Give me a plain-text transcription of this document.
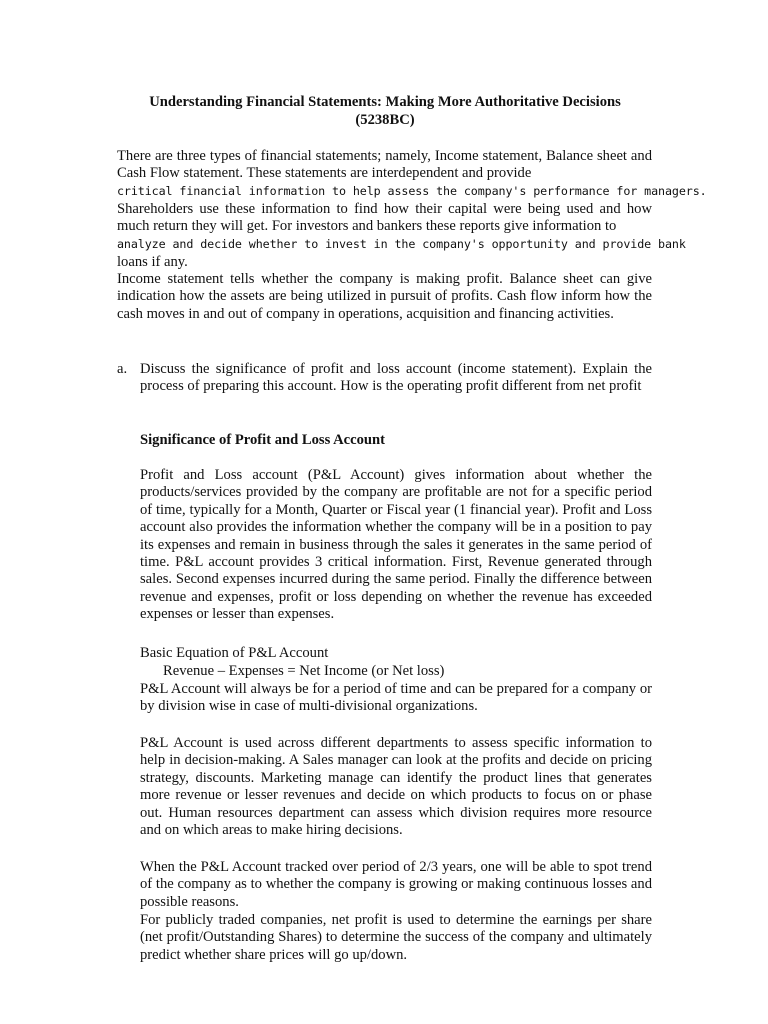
Understanding Financial Statements: Making More Authoritative Decisions
(5238BC)
There are three types of financial statements; namely, Income statement, Balance sheet and Cash Flow statement. These statements are interdependent and provide
critical financial information to help assess the company's performance for managers.
Shareholders use these information to find how their capital were being used and how much return they will get. For investors and bankers these reports give information to
analyze and decide whether to invest in the company's opportunity and provide bank
loans if any.
Income statement tells whether the company is making profit. Balance sheet can give indication how the assets are being utilized in pursuit of profits. Cash flow inform how the cash moves in and out of company in operations, acquisition and financing activities.
a. Discuss the significance of profit and loss account (income statement). Explain the process of preparing this account. How is the operating profit different from net profit
Significance of Profit and Loss Account
Profit and Loss account (P&L Account) gives information about whether the products/services provided by the company are profitable are not for a specific period of time, typically for a Month, Quarter or Fiscal year (1 financial year). Profit and Loss account also provides the information whether the company will be in a position to pay its expenses and remain in business through the sales it generates in the same period of time. P&L account provides 3 critical information. First, Revenue generated through sales. Second expenses incurred during the same period. Finally the difference between revenue and expenses, profit or loss depending on whether the revenue has exceeded expenses or lesser than expenses.
Basic Equation of P&L Account
Revenue – Expenses = Net Income (or Net loss)
P&L Account will always be for a period of time and can be prepared for a company or by division wise in case of multi-divisional organizations.
P&L Account is used across different departments to assess specific information to help in decision-making. A Sales manager can look at the profits and decide on pricing strategy, discounts. Marketing manage can identify the product lines that generates more revenue or lesser revenues and decide on which products to focus on or phase out. Human resources department can assess which division requires more resource and on which areas to make hiring decisions.
When the P&L Account tracked over period of 2/3 years, one will be able to spot trend of the company as to whether the company is growing or making continuous losses and possible reasons.
For publicly traded companies, net profit is used to determine the earnings per share (net profit/Outstanding Shares) to determine the success of the company and ultimately predict whether share prices will go up/down.
